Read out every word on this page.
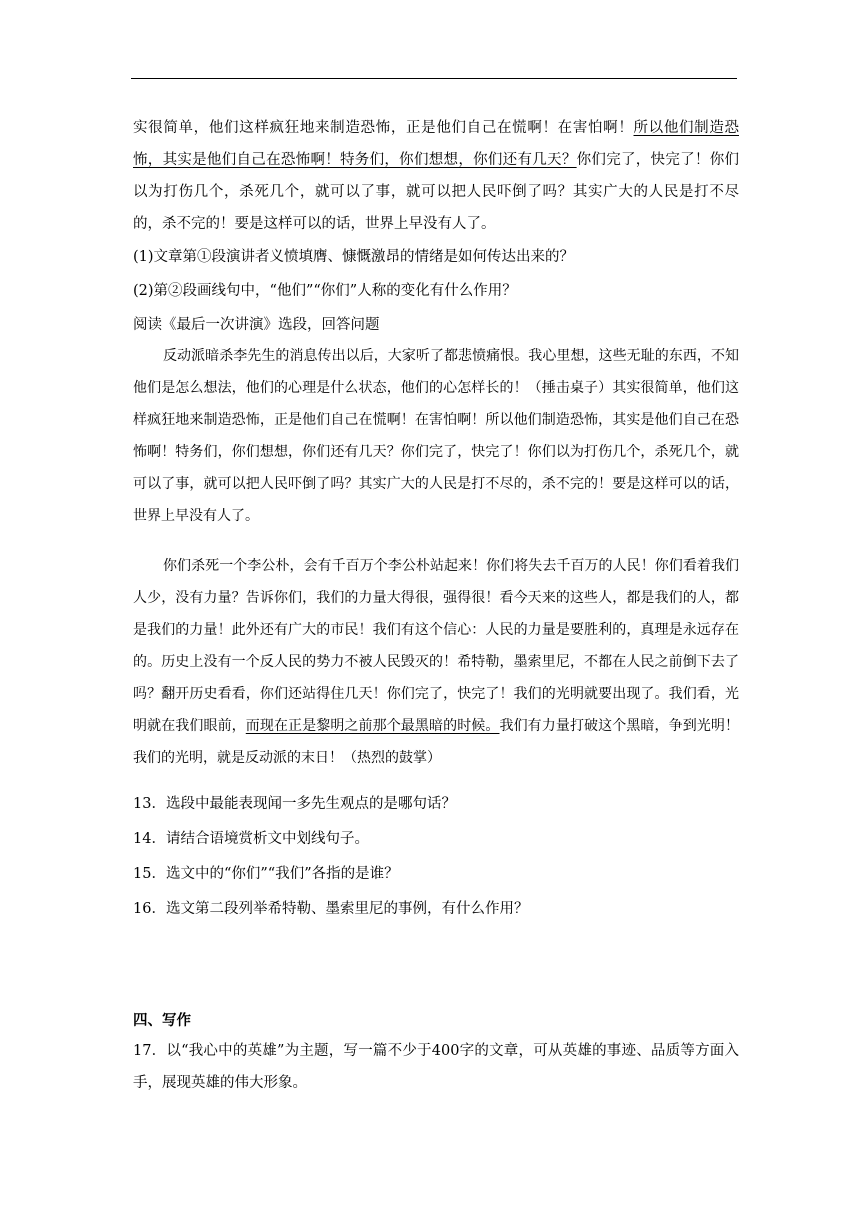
实很简单，他们这样疯狂地来制造恐怖，正是他们自己在慌啊！在害怕啊！所以他们制造恐怖，其实是他们自己在恐怖啊！特务们，你们想想，你们还有几天？你们完了，快完了！你们以为打伤几个，杀死几个，就可以了事，就可以把人民吓倒了吗？其实广大的人民是打不尽的，杀不完的！要是这样可以的话，世界上早没有人了。

(1)文章第①段演讲者义愤填膺、慷慨激昂的情绪是如何传达出来的？

(2)第②段画线句中，“他们”“你们”人称的变化有什么作用？

阅读《最后一次讲演》选段，回答问题

反动派暗杀李先生的消息传出以后，大家听了都悲愤痛恨。我心里想，这些无耻的东西，不知他们是怎么想法，他们的心理是什么状态，他们的心怎样长的！（捶击桌子）其实很简单，他们这样疯狂地来制造恐怖，正是他们自己在慌啊！在害怕啊！所以他们制造恐怖，其实是他们自己在恐怖啊！特务们，你们想想，你们还有几天？你们完了，快完了！你们以为打伤几个，杀死几个，就可以了事，就可以把人民吓倒了吗？其实广大的人民是打不尽的，杀不完的！要是这样可以的话，世界上早没有人了。

你们杀死一个李公朴，会有千百万个李公朴站起来！你们将失去千百万的人民！你们看着我们人少，没有力量？告诉你们，我们的力量大得很，强得很！看今天来的这些人，都是我们的人，都是我们的力量！此外还有广大的市民！我们有这个信心：人民的力量是要胜利的，真理是永远存在的。历史上没有一个反人民的势力不被人民毁灭的！希特勒，墨索里尼，不都在人民之前倒下去了吗？翻开历史看看，你们还站得住几天！你们完了，快完了！我们的光明就要出现了。我们看，光明就在我们眼前，而现在正是黎明之前那个最黑暗的时候。我们有力量打破这个黑暗，争到光明！我们的光明，就是反动派的末日！（热烈的鼓掌）

13．选段中最能表现闻一多先生观点的是哪句话？

14．请结合语境赏析文中划线句子。

15．选文中的“你们”“我们”各指的是谁？

16．选文第二段列举希特勒、墨索里尼的事例，有什么作用？

四、写作

17．以“我心中的英雄”为主题，写一篇不少于400字的文章，可从英雄的事迹、品质等方面入手，展现英雄的伟大形象。
